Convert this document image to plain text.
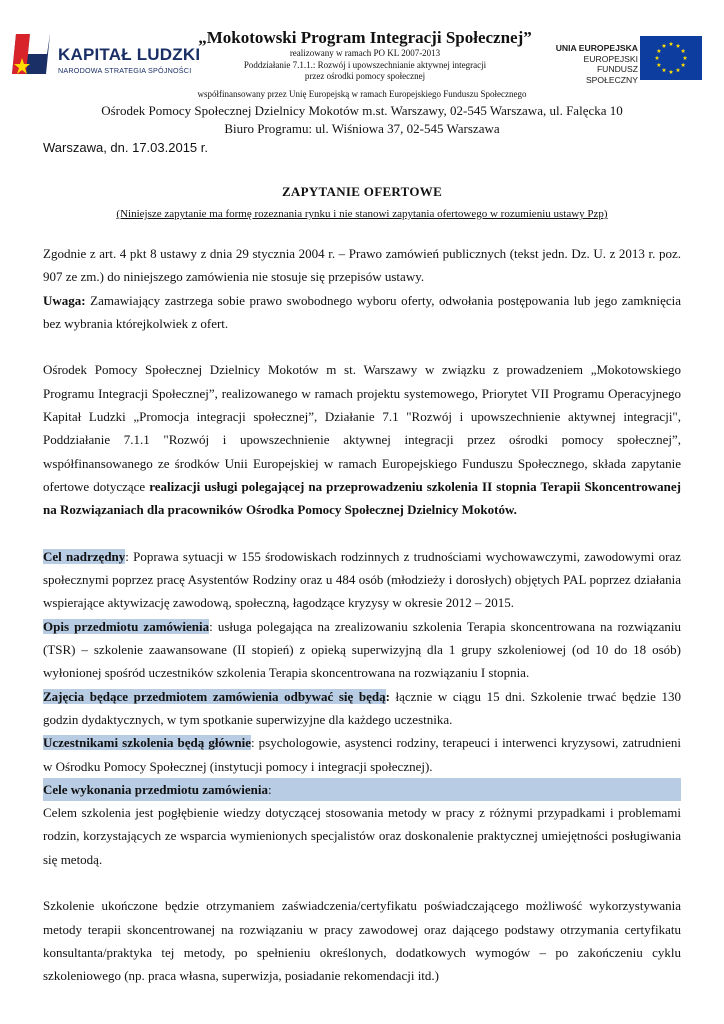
KAPITAŁ LUDZKI
NARODOWA STRATEGIA SPÓJNOŚCI
„Mokotowski Program Integracji Społecznej”
realizowany w ramach PO KL 2007-2013
Poddziałanie 7.1.1.: Rozwój i upowszechnianie aktywnej integracji
przez ośrodki pomocy społecznej
UNIA EUROPEJSKA
EUROPEJSKI
FUNDUSZ SPOŁECZNY
współfinansowany przez Unię Europejską w ramach Europejskiego Funduszu Społecznego
Ośrodek Pomocy Społecznej Dzielnicy Mokotów m.st. Warszawy, 02-545 Warszawa, ul. Falęcka 10
Biuro Programu: ul. Wiśniowa 37, 02-545 Warszawa
Warszawa, dn. 17.03.2015 r.
ZAPYTANIE OFERTOWE
(Niniejsze zapytanie ma formę rozeznania rynku i nie stanowi zapytania ofertowego w rozumieniu ustawy Pzp)

Zgodnie z art. 4 pkt 8 ustawy z dnia 29 stycznia 2004 r. – Prawo zamówień publicznych (tekst jedn. Dz. U. z 2013 r. poz. 907 ze zm.) do niniejszego zamówienia nie stosuje się przepisów ustawy.

Uwaga: Zamawiający zastrzega sobie prawo swobodnego wyboru oferty, odwołania postępowania lub jego zamknięcia bez wybrania którejkolwiek z ofert.

Ośrodek Pomocy Społecznej Dzielnicy Mokotów m st. Warszawy w związku z prowadzeniem „Mokotowskiego Programu Integracji Społecznej”, realizowanego w ramach projektu systemowego, Priorytet VII Programu Operacyjnego Kapitał Ludzki „Promocja integracji społecznej”, Działanie 7.1 "Rozwój i upowszechnienie aktywnej integracji", Poddziałanie 7.1.1 "Rozwój i upowszechnienie aktywnej integracji przez ośrodki pomocy społecznej”, współfinansowanego ze środków Unii Europejskiej w ramach Europejskiego Funduszu Społecznego, składa zapytanie ofertowe dotyczące realizacji usługi polegającej na przeprowadzeniu szkolenia II stopnia Terapii Skoncentrowanej na Rozwiązaniach dla pracowników Ośrodka Pomocy Społecznej Dzielnicy Mokotów.

Cel nadrzędny: Poprawa sytuacji w 155 środowiskach rodzinnych z trudnościami wychowawczymi, zawodowymi oraz społecznymi poprzez pracę Asystentów Rodziny oraz u 484 osób (młodzieży i dorosłych) objętych PAL poprzez działania wspierające aktywizację zawodową, społeczną, łagodzące kryzysy w okresie 2012 – 2015.

Opis przedmiotu zamówienia: usługa polegająca na zrealizowaniu szkolenia Terapia skoncentrowana na rozwiązaniu (TSR) – szkolenie zaawansowane (II stopień) z opieką superwizyjną dla 1 grupy szkoleniowej (od 10 do 18 osób) wyłonionej spośród uczestników szkolenia Terapia skoncentrowana na rozwiązaniu I stopnia.

Zajęcia będące przedmiotem zamówienia odbywać się będą: łącznie w ciągu 15 dni. Szkolenie trwać będzie 130 godzin dydaktycznych, w tym spotkanie superwizyjne dla każdego uczestnika.

Uczestnikami szkolenia będą głównie: psychologowie, asystenci rodziny, terapeuci i interwenci kryzysowi, zatrudnieni w Ośrodku Pomocy Społecznej (instytucji pomocy i integracji społecznej).

Cele wykonania przedmiotu zamówienia:

Celem szkolenia jest pogłębienie wiedzy dotyczącej stosowania metody w pracy z różnymi przypadkami i problemami rodzin, korzystających ze wsparcia wymienionych specjalistów oraz doskonalenie praktycznej umiejętności posługiwania się metodą.

Szkolenie ukończone będzie otrzymaniem zaświadczenia/certyfikatu poświadczającego możliwość wykorzystywania metody terapii skoncentrowanej na rozwiązaniu w pracy zawodowej oraz dającego podstawy otrzymania certyfikatu konsultanta/praktyka tej metody, po spełnieniu określonych, dodatkowych wymogów – po zakończeniu cyklu szkoleniowego (np. praca własna, superwizja, posiadanie rekomendacji itd.)
